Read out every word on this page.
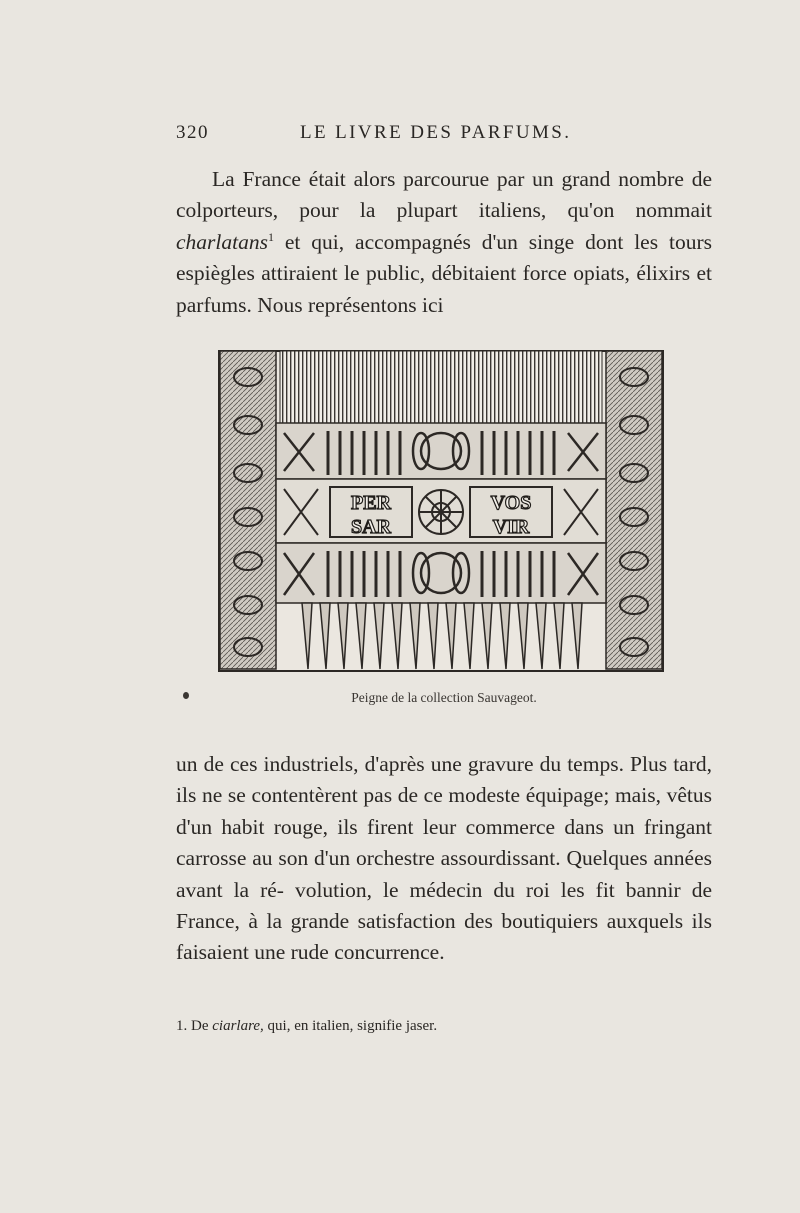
320	LE LIVRE DES PARFUMS.

La France était alors parcourue par un grand nombre de colporteurs, pour la plupart italiens, qu'on nommait charlatans$^1$ et qui, accompagnés d'un singe dont les tours espiègles attiraient le public, débitaient force opiats, élixirs et parfums. Nous représentons ici

PER
SAR
VOS
VIR
Peigne de la collection Sauvageot.

un de ces industriels, d'après une gravure du temps. Plus tard, ils ne se contentèrent pas de ce modeste équipage; mais, vêtus d'un habit rouge, ils firent leur commerce dans un fringant carrosse au son d'un orchestre assourdissant. Quelques années avant la ré- volution, le médecin du roi les fit bannir de France, à la grande satisfaction des boutiquiers auxquels ils faisaient une rude concurrence.

1. De ciarlare, qui, en italien, signifie jaser.
